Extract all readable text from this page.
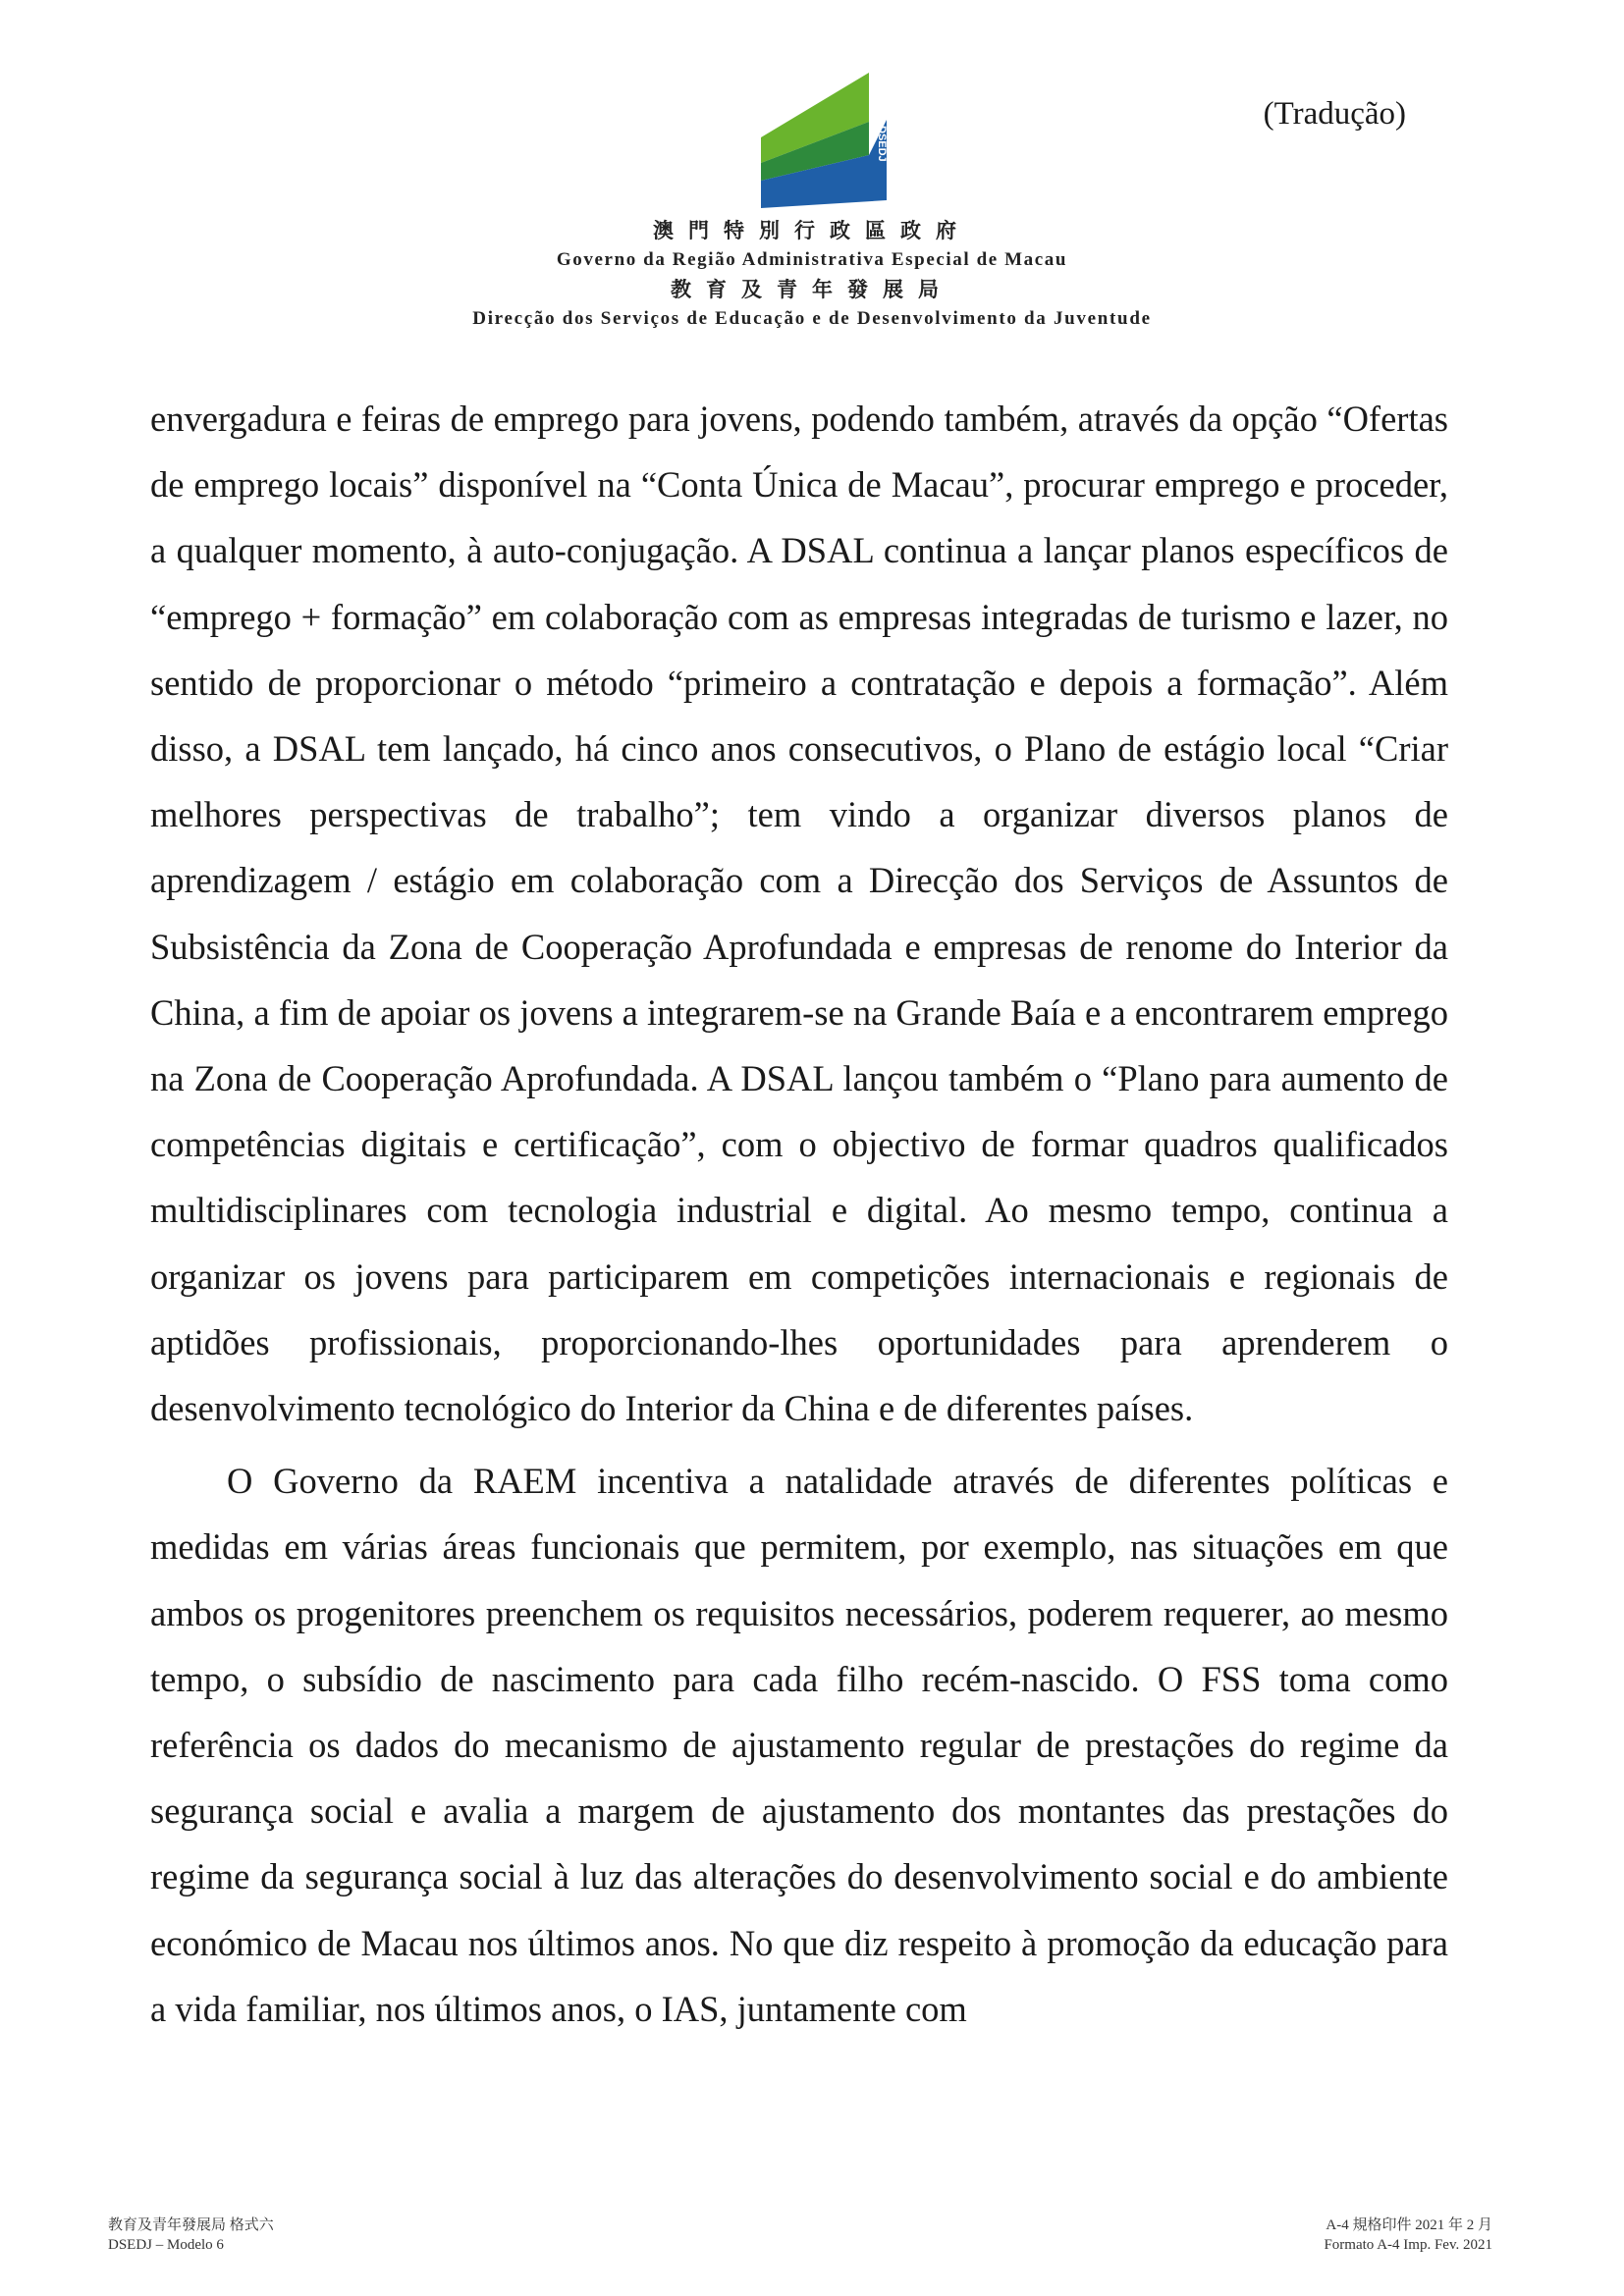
(Tradução)
DSEDJ

澳門特別行政區政府

Governo da Região Administrativa Especial de Macau

教育及青年發展局

Direcção dos Serviços de Educação e de Desenvolvimento da Juventude

envergadura e feiras de emprego para jovens, podendo também, através da opção “Ofertas de emprego locais” disponível na “Conta Única de Macau”, procurar emprego e proceder, a qualquer momento, à auto-conjugação. A DSAL continua a lançar planos específicos de “emprego + formação” em colaboração com as empresas integradas de turismo e lazer, no sentido de proporcionar o método “primeiro a contratação e depois a formação”. Além disso, a DSAL tem lançado, há cinco anos consecutivos, o Plano de estágio local “Criar melhores perspectivas de trabalho”; tem vindo a organizar diversos planos de aprendizagem / estágio em colaboração com a Direcção dos Serviços de Assuntos de Subsistência da Zona de Cooperação Aprofundada e empresas de renome do Interior da China, a fim de apoiar os jovens a integrarem-se na Grande Baía e a encontrarem emprego na Zona de Cooperação Aprofundada. A DSAL lançou também o “Plano para aumento de competências digitais e certificação”, com o objectivo de formar quadros qualificados multidisciplinares com tecnologia industrial e digital. Ao mesmo tempo, continua a organizar os jovens para participarem em competições internacionais e regionais de aptidões profissionais, proporcionando-lhes oportunidades para aprenderem o desenvolvimento tecnológico do Interior da China e de diferentes países.

O Governo da RAEM incentiva a natalidade através de diferentes políticas e medidas em várias áreas funcionais que permitem, por exemplo, nas situações em que ambos os progenitores preenchem os requisitos necessários, poderem requerer, ao mesmo tempo, o subsídio de nascimento para cada filho recém-nascido. O FSS toma como referência os dados do mecanismo de ajustamento regular de prestações do regime da segurança social e avalia a margem de ajustamento dos montantes das prestações do regime da segurança social à luz das alterações do desenvolvimento social e do ambiente económico de Macau nos últimos anos. No que diz respeito à promoção da educação para a vida familiar, nos últimos anos, o IAS, juntamente com

教育及青年發展局 格式六
DSEDJ – Modelo 6
A-4 規格印件 2021 年 2 月
Formato A-4 Imp. Fev. 2021
